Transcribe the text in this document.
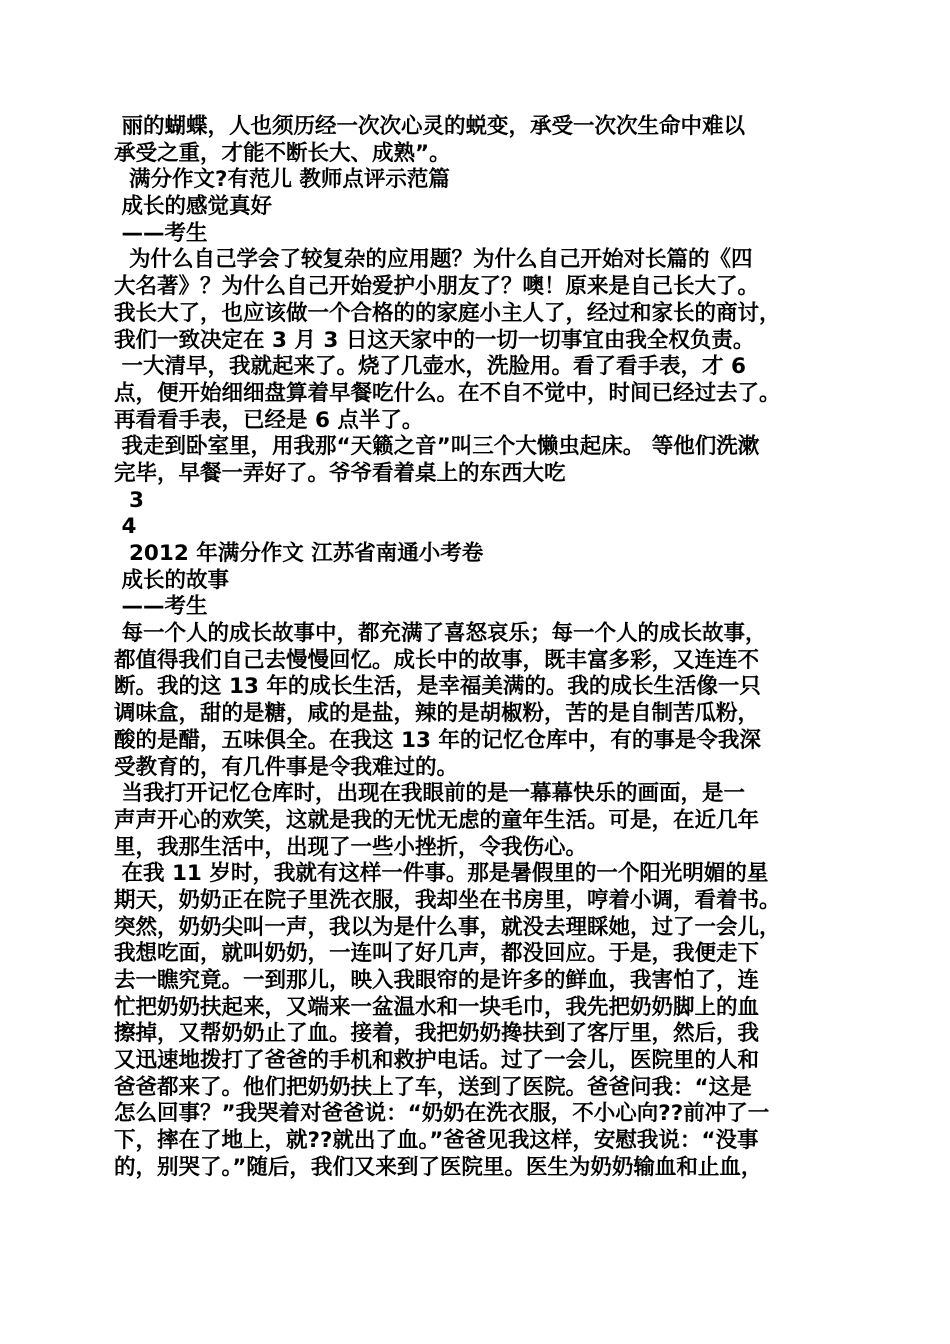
丽的蝴蝶，人也须历经一次次心灵的蜕变，承受一次次生命中难以
承受之重，才能不断长大、成熟”。
满分作文?有范儿 教师点评示范篇
成长的感觉真好
——考生
为什么自己学会了较复杂的应用题？为什么自己开始对长篇的《四
大名著》？为什么自己开始爱护小朋友了？噢！原来是自己长大了。
我长大了，也应该做一个合格的的家庭小主人了，经过和家长的商讨，
我们一致决定在 3 月 3 日这天家中的一切一切事宜由我全权负责。
一大清早，我就起来了。烧了几壶水，洗脸用。看了看手表，才 6
点，便开始细细盘算着早餐吃什么。在不自不觉中，时间已经过去了。
再看看手表，已经是 6 点半了。
我走到卧室里，用我那“天籁之音”叫三个大懒虫起床。 等他们洗漱
完毕，早餐一弄好了。爷爷看着桌上的东西大吃
3
4
2012 年满分作文 江苏省南通小考卷
成长的故事
——考生
每一个人的成长故事中，都充满了喜怒哀乐；每一个人的成长故事，
都值得我们自己去慢慢回忆。成长中的故事，既丰富多彩，又连连不
断。我的这 13 年的成长生活，是幸福美满的。我的成长生活像一只
调味盒，甜的是糖，咸的是盐，辣的是胡椒粉，苦的是自制苦瓜粉，
酸的是醋，五味俱全。在我这 13 年的记忆仓库中，有的事是令我深
受教育的，有几件事是令我难过的。
当我打开记忆仓库时，出现在我眼前的是一幕幕快乐的画面，是一
声声开心的欢笑，这就是我的无忧无虑的童年生活。可是，在近几年
里，我那生活中，出现了一些小挫折，令我伤心。
在我 11 岁时，我就有这样一件事。那是暑假里的一个阳光明媚的星
期天，奶奶正在院子里洗衣服，我却坐在书房里，哼着小调，看着书。
突然，奶奶尖叫一声，我以为是什么事，就没去理睬她，过了一会儿，
我想吃面，就叫奶奶，一连叫了好几声，都没回应。于是，我便走下
去一瞧究竟。一到那儿，映入我眼帘的是许多的鲜血，我害怕了，连
忙把奶奶扶起来，又端来一盆温水和一块毛巾，我先把奶奶脚上的血
擦掉，又帮奶奶止了血。接着，我把奶奶搀扶到了客厅里，然后，我
又迅速地拨打了爸爸的手机和救护电话。过了一会儿，医院里的人和
爸爸都来了。他们把奶奶扶上了车，送到了医院。爸爸问我：“这是
怎么回事？”我哭着对爸爸说：“奶奶在洗衣服，不小心向??前冲了一
下，摔在了地上，就??就出了血。”爸爸见我这样，安慰我说：“没事
的，别哭了。”随后，我们又来到了医院里。医生为奶奶输血和止血，
